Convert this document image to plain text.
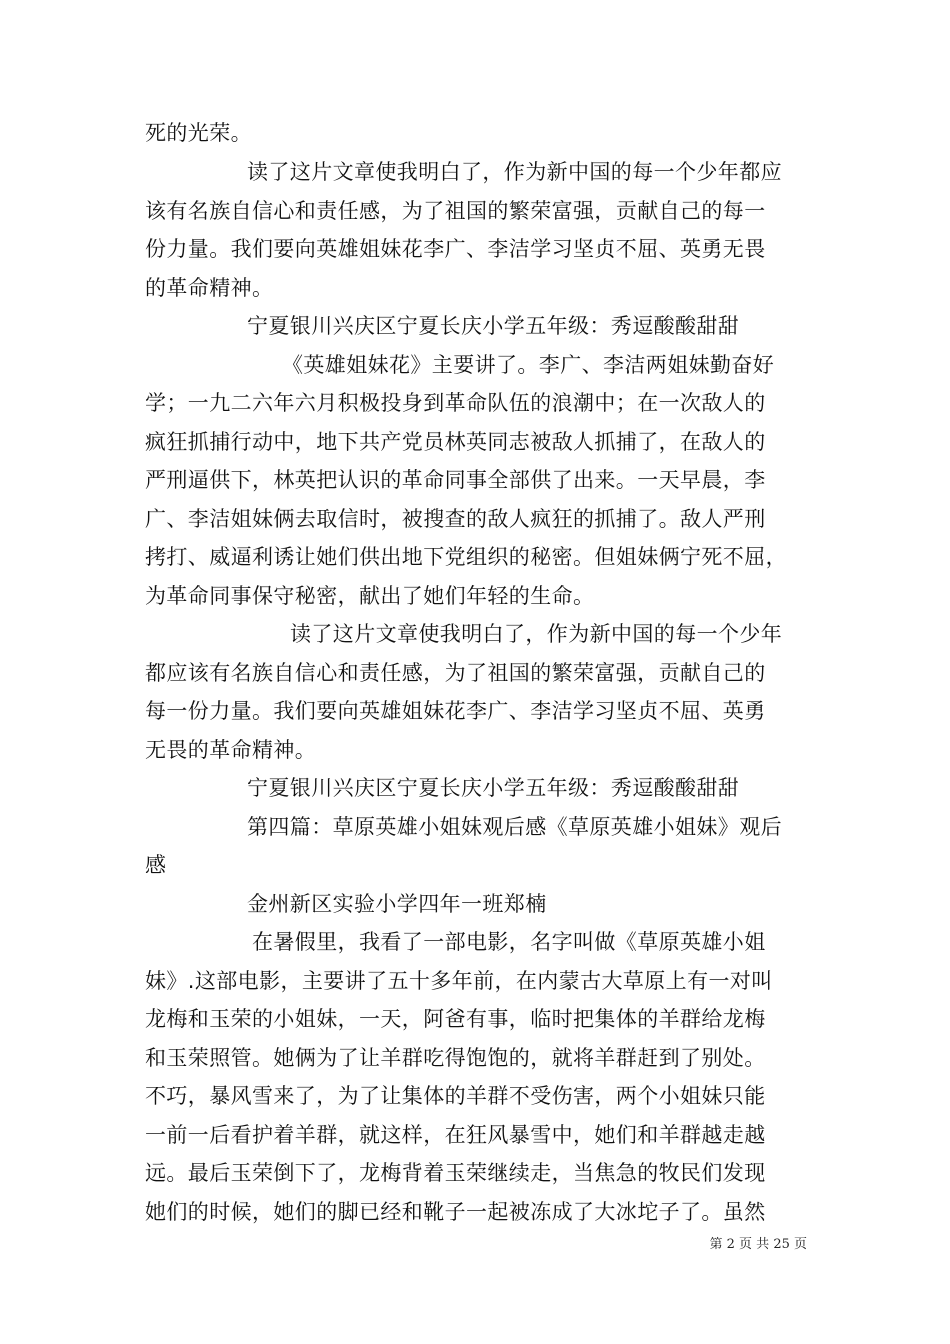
死的光荣。
读了这片文章使我明白了，作为新中国的每一个少年都应
该有名族自信心和责任感，为了祖国的繁荣富强，贡献自己的每一
份力量。我们要向英雄姐妹花李广、李洁学习坚贞不屈、英勇无畏
的革命精神。
宁夏银川兴庆区宁夏长庆小学五年级：秀逗酸酸甜甜
《英雄姐妹花》主要讲了。李广、李洁两姐妹勤奋好
学；一九二六年六月积极投身到革命队伍的浪潮中；在一次敌人的
疯狂抓捕行动中，地下共产党员林英同志被敌人抓捕了，在敌人的
严刑逼供下，林英把认识的革命同事全部供了出来。一天早晨，李
广、李洁姐妹俩去取信时，被搜查的敌人疯狂的抓捕了。敌人严刑
拷打、威逼利诱让她们供出地下党组织的秘密。但姐妹俩宁死不屈，
为革命同事保守秘密，献出了她们年轻的生命。
读了这片文章使我明白了，作为新中国的每一个少年
都应该有名族自信心和责任感，为了祖国的繁荣富强，贡献自己的
每一份力量。我们要向英雄姐妹花李广、李洁学习坚贞不屈、英勇
无畏的革命精神。
宁夏银川兴庆区宁夏长庆小学五年级：秀逗酸酸甜甜
第四篇：草原英雄小姐妹观后感《草原英雄小姐妹》观后
感
金州新区实验小学四年一班郑楠
在暑假里，我看了一部电影，名字叫做《草原英雄小姐
妹》.这部电影，主要讲了五十多年前，在内蒙古大草原上有一对叫
龙梅和玉荣的小姐妹，一天，阿爸有事，临时把集体的羊群给龙梅
和玉荣照管。她俩为了让羊群吃得饱饱的，就将羊群赶到了别处。
不巧，暴风雪来了，为了让集体的羊群不受伤害，两个小姐妹只能
一前一后看护着羊群，就这样，在狂风暴雪中，她们和羊群越走越
远。最后玉荣倒下了，龙梅背着玉荣继续走，当焦急的牧民们发现
她们的时候，她们的脚已经和靴子一起被冻成了大冰坨子了。虽然
第 2 页 共 25 页
